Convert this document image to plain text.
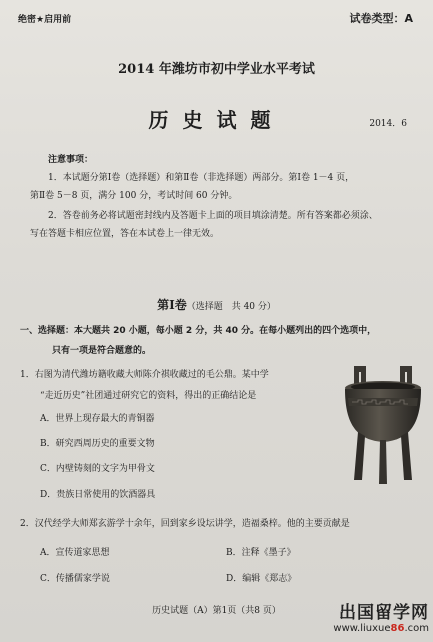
绝密★启用前	试卷类型：A
2014 年潍坊市初中学业水平考试
历史试题	2014．6
注意事项：
1．本试题分第Ⅰ卷（选择题）和第Ⅱ卷（非选择题）两部分。第Ⅰ卷 1－4 页，
第Ⅱ卷 5－8 页，满分 100 分，考试时间 60 分钟。
2．答卷前务必将试题密封线内及答题卡上面的项目填涂清楚。所有答案都必须涂、
写在答题卡相应位置，答在本试卷上一律无效。
第Ⅰ卷（选择题　共 40 分）
一、选择题：本大题共 20 小题，每小题 2 分，共 40 分。在每小题列出的四个选项中，
只有一项是符合题意的。
1．右图为清代潍坊籍收藏大师陈介祺收藏过的毛公鼎。某中学
“走近历史”社团通过研究它的资料，得出的正确结论是
A．世界上现存最大的青铜器
B．研究西周历史的重要文物
C．内壁铸刻的文字为甲骨文
D．贵族日常使用的饮酒器具
2．汉代经学大师郑玄游学十余年，回到家乡设坛讲学，造福桑梓。他的主要贡献是
A．宣传道家思想	B．注释《墨子》
C．传播儒家学说	D．编辑《郑志》
历史试题（A）第1页（共8 页）	出国留学网
www.liuxue86.com
